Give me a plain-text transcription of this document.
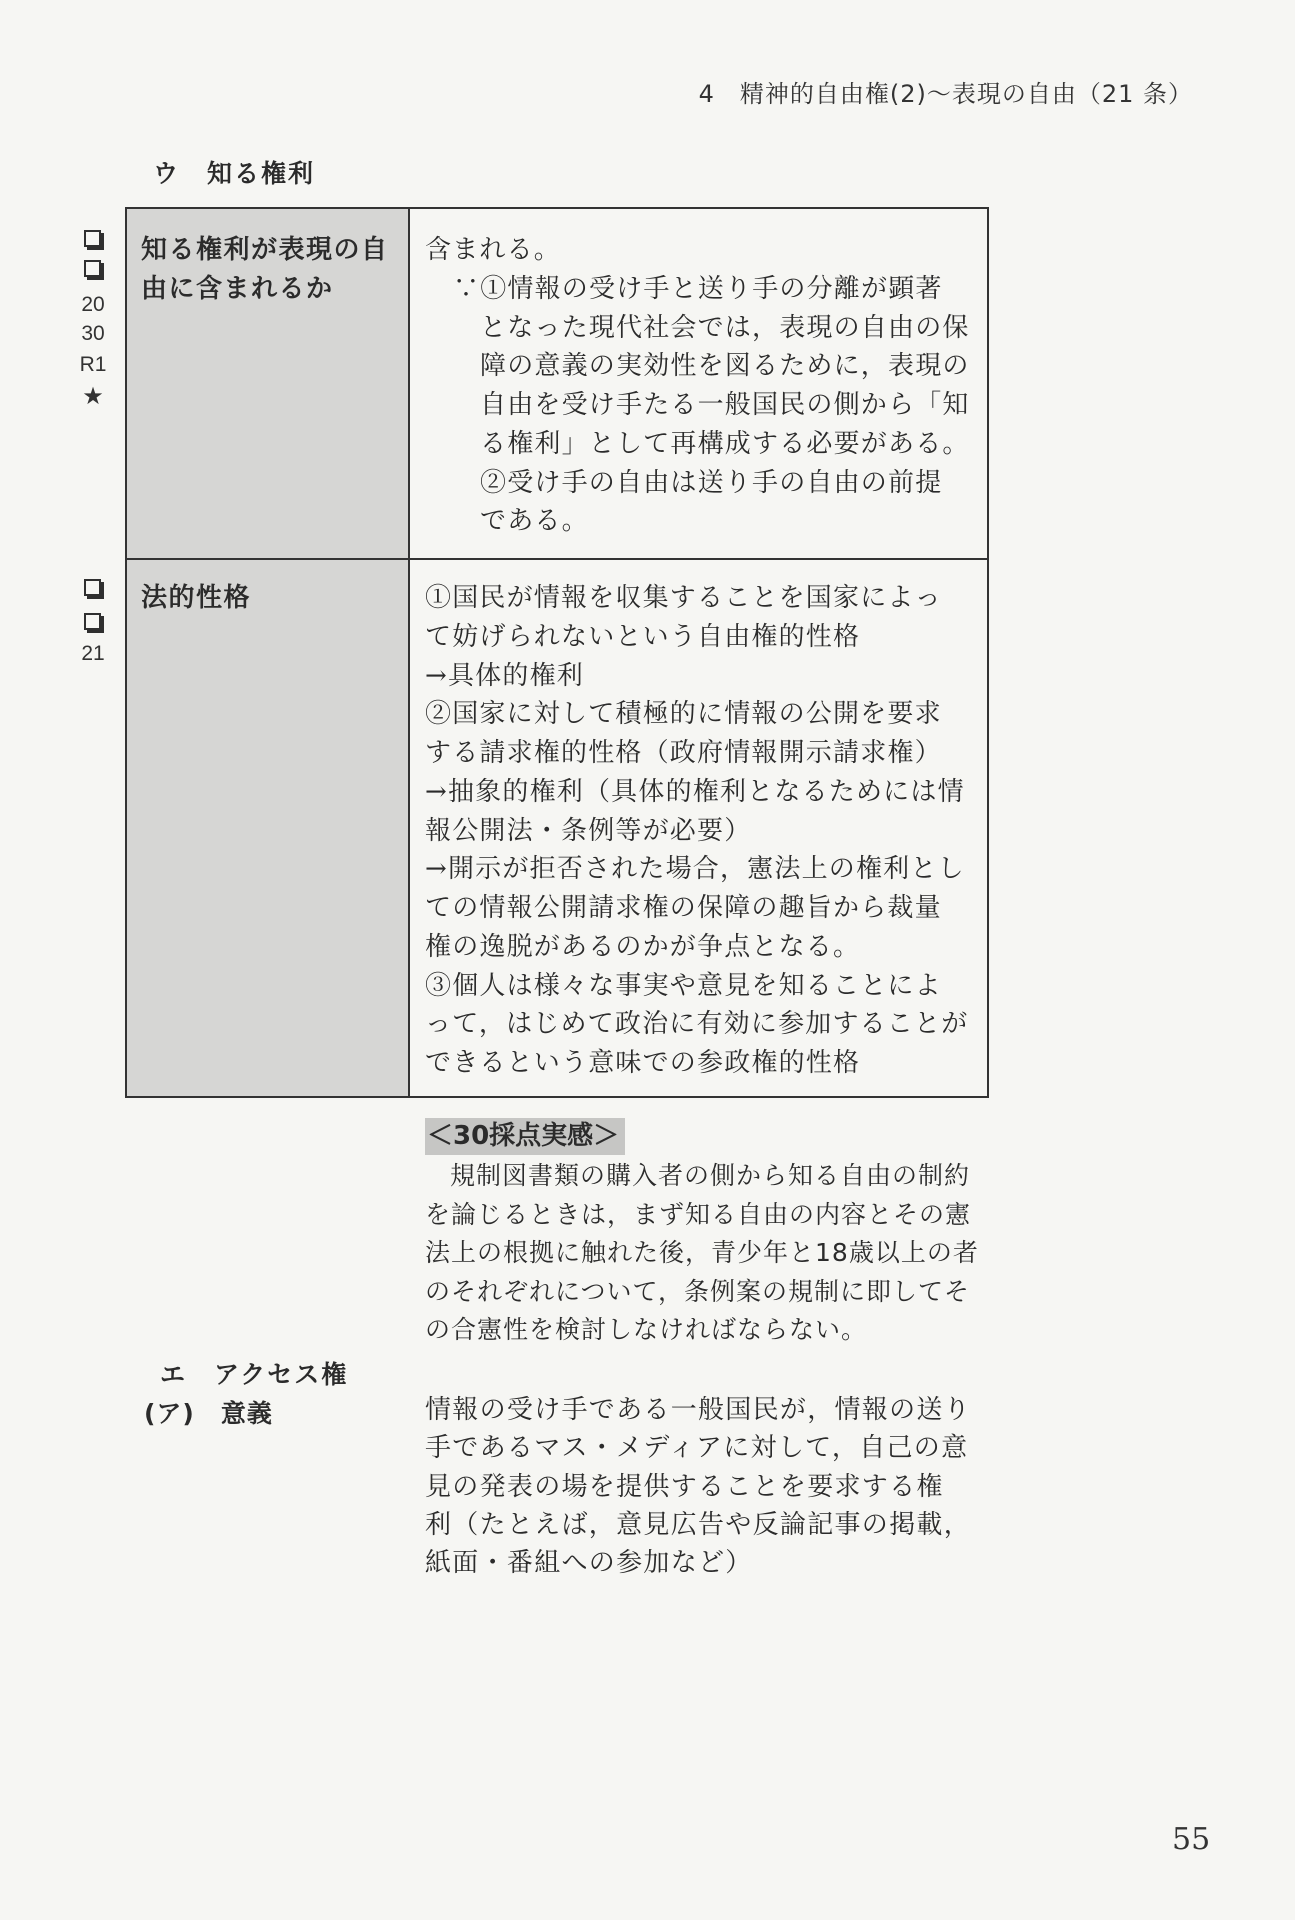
4　精神的自由権(2)〜表現の自由（21 条）
ウ　知る権利
20
30
R1
★
21
知る権利が表現の自
由に含まれるか
含まれる。
∵①情報の受け手と送り手の分離が顕著
となった現代社会では，表現の自由の保
障の意義の実効性を図るために，表現の
自由を受け手たる一般国民の側から「知
る権利」として再構成する必要がある。
②受け手の自由は送り手の自由の前提
である。
法的性格	①国民が情報を収集することを国家によっ
て妨げられないという自由権的性格
→具体的権利
②国家に対して積極的に情報の公開を要求
する請求権的性格（政府情報開示請求権）
→抽象的権利（具体的権利となるためには情
報公開法・条例等が必要）
→開示が拒否された場合，憲法上の権利とし
ての情報公開請求権の保障の趣旨から裁量
権の逸脱があるのかが争点となる。
③個人は様々な事実や意見を知ることによ
って，はじめて政治に有効に参加することが
できるという意味での参政権的性格
＜30採点実感＞
規制図書類の購入者の側から知る自由の制約
を論じるときは，まず知る自由の内容とその憲
法上の根拠に触れた後，青少年と18歳以上の者
のそれぞれについて，条例案の規制に即してそ
の合憲性を検討しなければならない。
エ　アクセス権
(ア)　意義	情報の受け手である一般国民が，情報の送り
手であるマス・メディアに対して，自己の意
見の発表の場を提供することを要求する権
利（たとえば，意見広告や反論記事の掲載，
紙面・番組への参加など）
55
